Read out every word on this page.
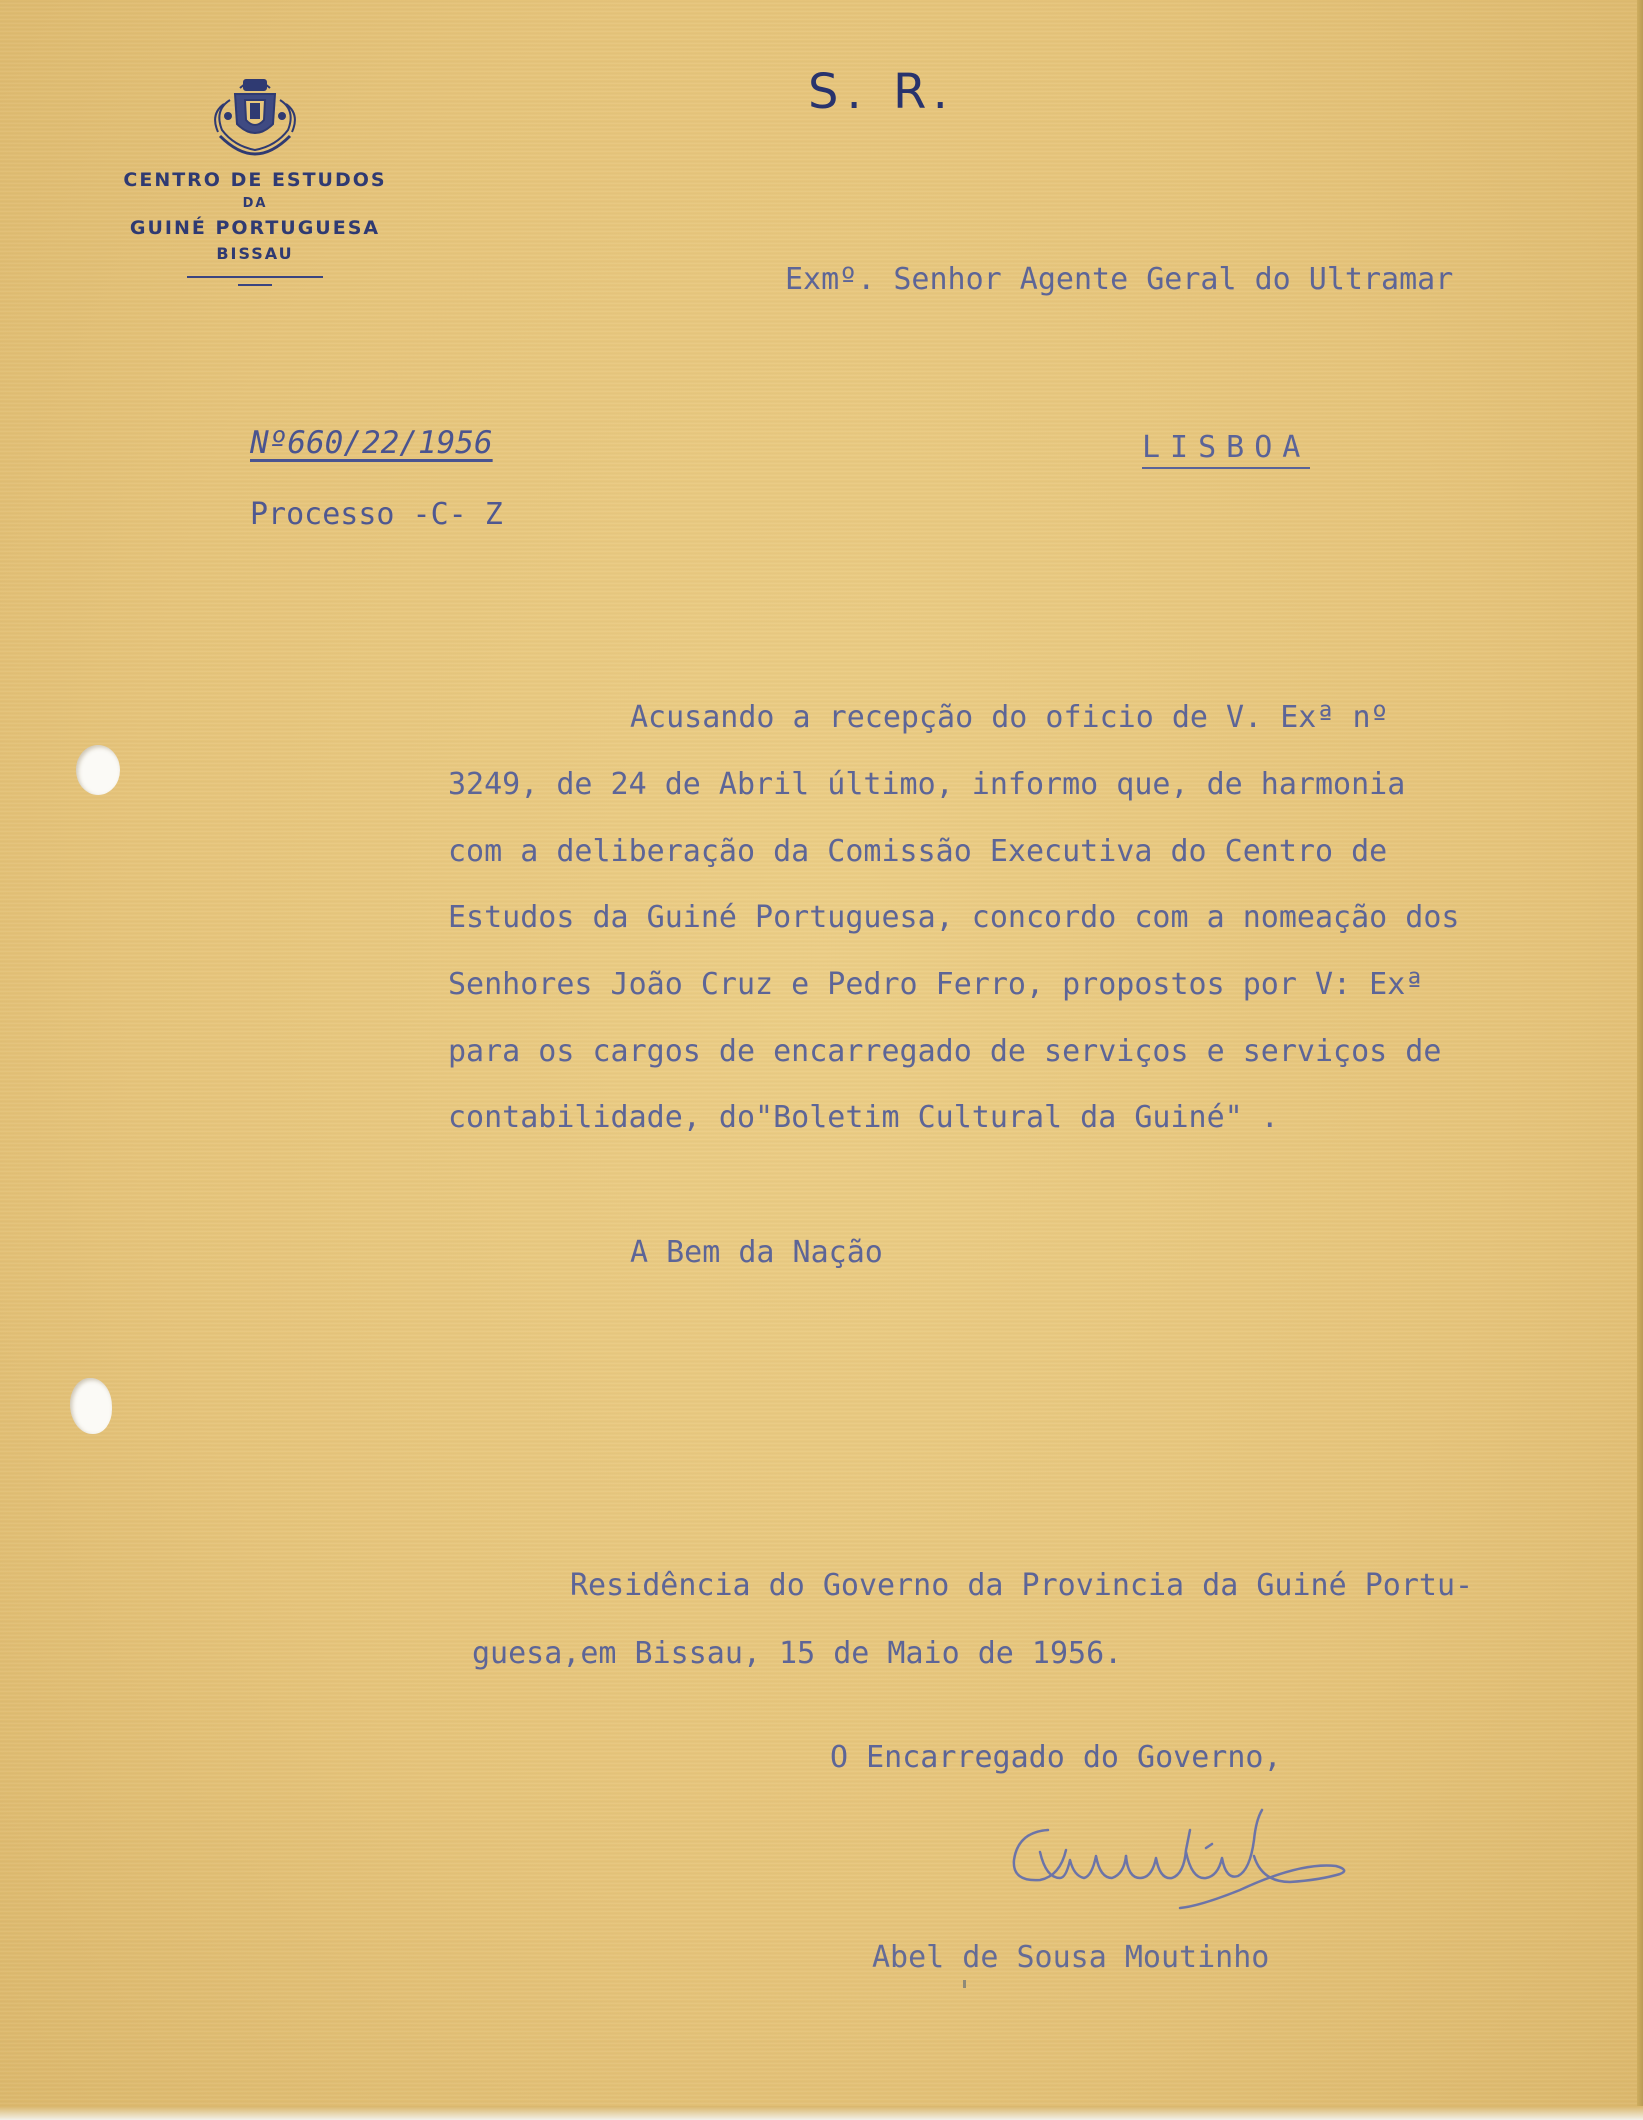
CENTRO DE ESTUDOS
DA
GUINÉ PORTUGUESA
BISSAU
S. R.
Exmº. Senhor Agente Geral do Ultramar
Nº660/22/1956	LISBOA
Processo -C- Z
Acusando a recepção do oficio de V. Exª nº
3249, de 24 de Abril último, informo que, de harmonia
com a deliberação da Comissão Executiva do Centro de
Estudos da Guiné Portuguesa, concordo com a nomeação dos
Senhores João Cruz e Pedro Ferro, propostos por V: Exª
para os cargos de encarregado de serviços e serviços de
contabilidade, do"Boletim Cultural da Guiné" .
A Bem da Nação
Residência do Governo da Provincia da Guiné Portu-
guesa,em Bissau, 15 de Maio de 1956.
O Encarregado do Governo,
Abel de Sousa Moutinho
